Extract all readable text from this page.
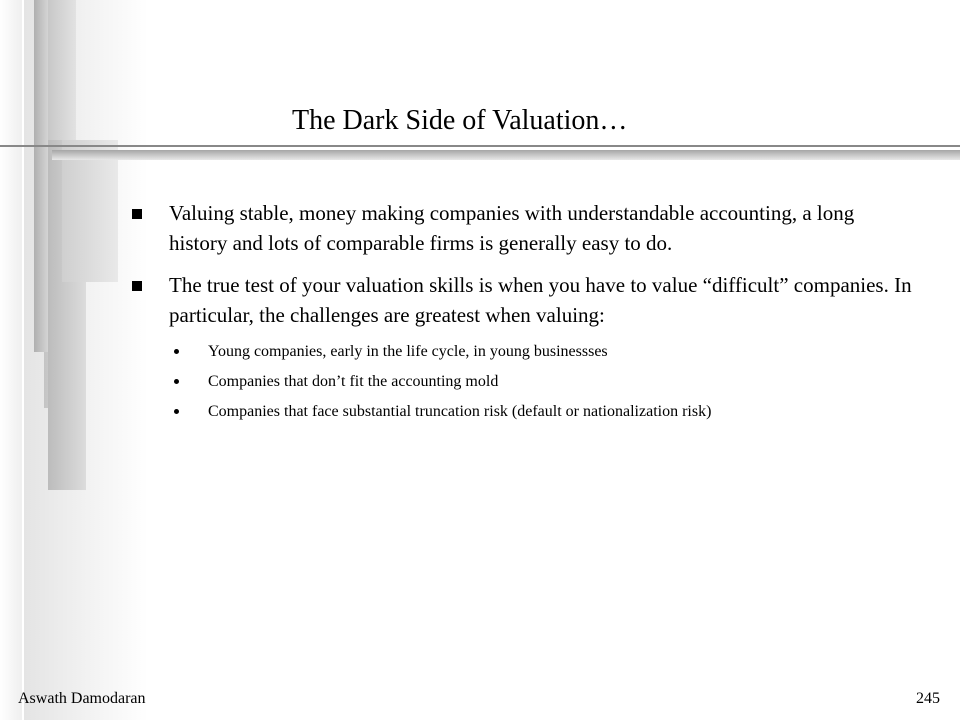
The Dark Side of Valuation…
Valuing stable, money making companies with understandable accounting, a long history and lots of comparable firms is generally easy to do.
The true test of your valuation skills is when you have to value “difficult” companies. In particular, the challenges are greatest when valuing:
Young companies, early in the life cycle, in young businessses
Companies that don’t fit the accounting mold
Companies that face substantial truncation risk (default or nationalization risk)
Aswath Damodaran	245
